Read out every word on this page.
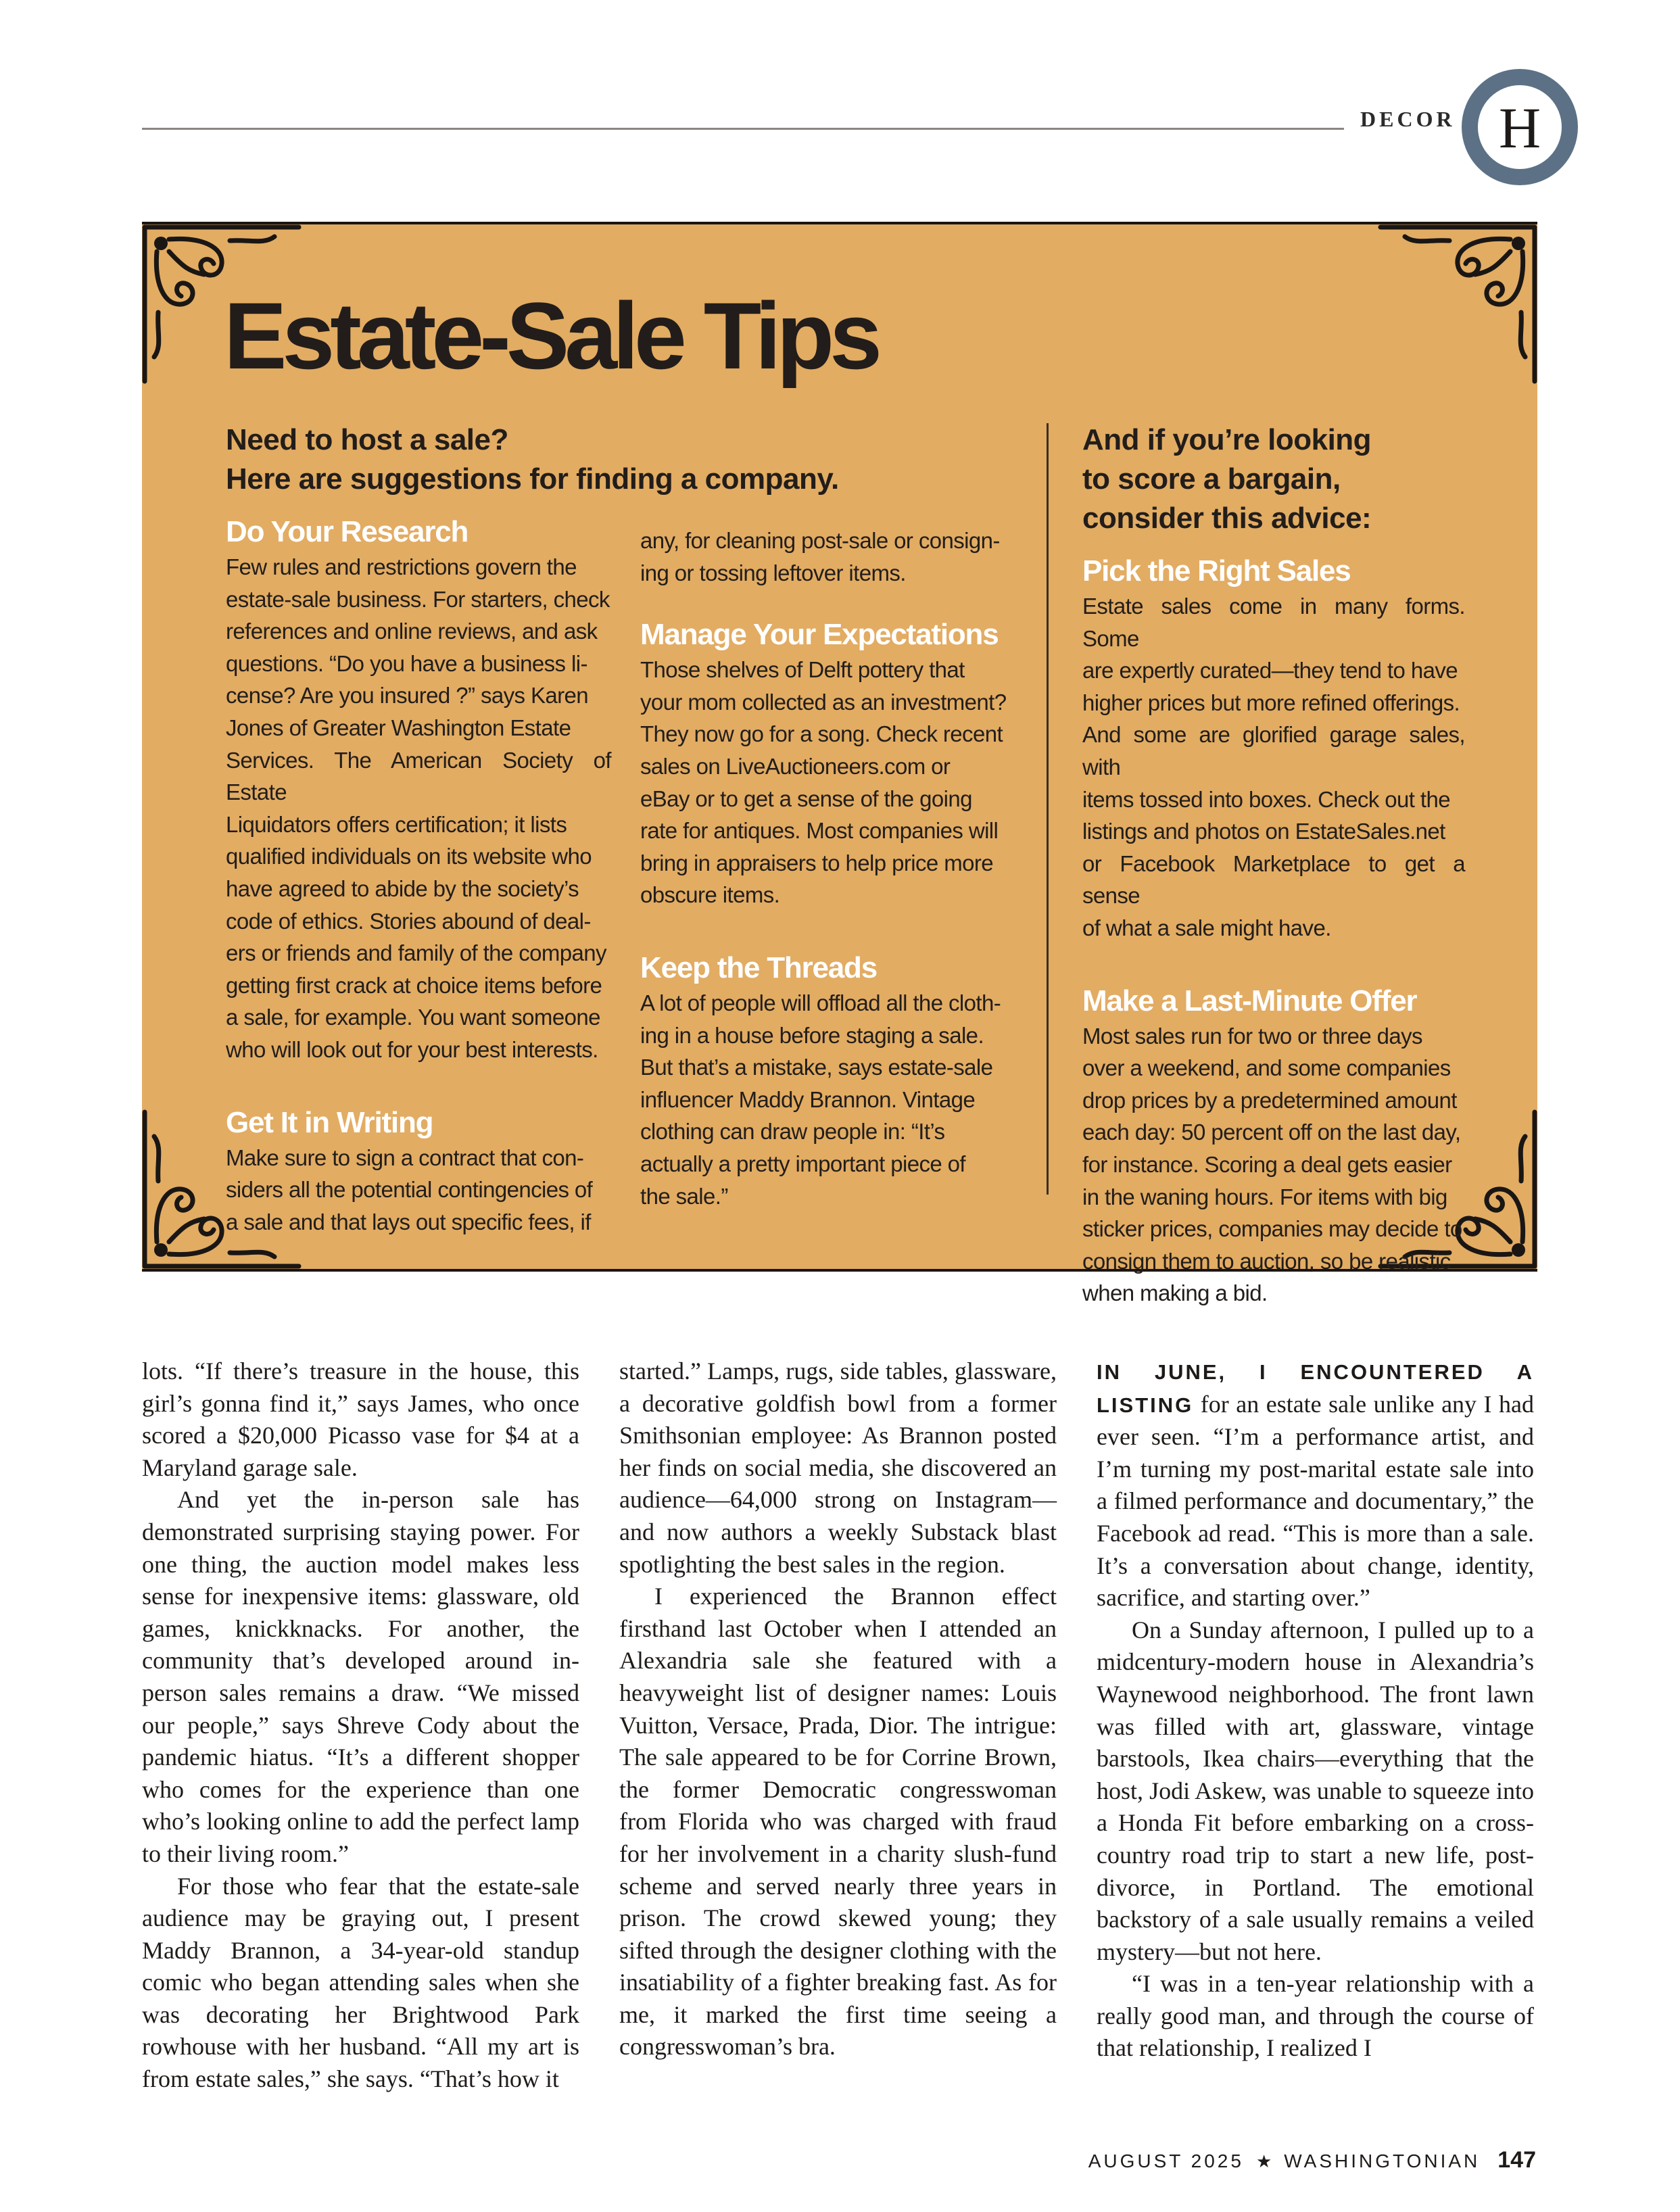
DECOR H
Estate-Sale Tips
Need to host a sale?
Here are suggestions for finding a company.
And if you’re looking
to score a bargain,
consider this advice:
Do Your Research
Few rules and restrictions govern the
estate-sale business. For starters, check
references and online reviews, and ask
questions. “Do you have a business li-
cense? Are you insured ?” says Karen
Jones of Greater Washington Estate
Services. The American Society of Estate
Liquidators offers certification; it lists
qualified individuals on its website who
have agreed to abide by the society’s
code of ethics. Stories abound of deal-
ers or friends and family of the company
getting first crack at choice items before
a sale, for example. You want someone
who will look out for your best interests.
Get It in Writing
Make sure to sign a contract that con-
siders all the potential contingencies of
a sale and that lays out specific fees, if
any, for cleaning post-sale or consign-
ing or tossing leftover items.
Manage Your Expectations
Those shelves of Delft pottery that
your mom collected as an investment?
They now go for a song. Check recent
sales on LiveAuctioneers.com or
eBay or to get a sense of the going
rate for antiques. Most companies will
bring in appraisers to help price more
obscure items.
Keep the Threads
A lot of people will offload all the cloth-
ing in a house before staging a sale.
But that’s a mistake, says estate-sale
influencer Maddy Brannon. Vintage
clothing can draw people in: “It’s
actually a pretty important piece of
the sale.”
Pick the Right Sales
Estate sales come in many forms. Some
are expertly curated—they tend to have
higher prices but more refined offerings.
And some are glorified garage sales, with
items tossed into boxes. Check out the
listings and photos on EstateSales.net
or Facebook Marketplace to get a sense
of what a sale might have.
Make a Last-Minute Offer
Most sales run for two or three days
over a weekend, and some companies
drop prices by a predetermined amount
each day: 50 percent off on the last day,
for instance. Scoring a deal gets easier
in the waning hours. For items with big
sticker prices, companies may decide to
consign them to auction, so be realistic
when making a bid.

lots. “If there’s treasure in the house, this girl’s gonna find it,” says James, who once scored a $20,000 Picasso vase for $4 at a Maryland garage sale.

And yet the in-person sale has demonstrated surprising staying power. For one thing, the auction model makes less sense for inexpensive items: glassware, old games, knickknacks. For another, the community that’s developed around in-person sales remains a draw. “We missed our people,” says Shreve Cody about the pandemic hiatus. “It’s a different shopper who comes for the experience than one who’s looking online to add the perfect lamp to their living room.”

For those who fear that the estate-sale audience may be graying out, I present Maddy Brannon, a 34-year-old standup comic who began attending sales when she was decorating her Brightwood Park rowhouse with her husband. “All my art is from estate sales,” she says. “That’s how it

started.” Lamps, rugs, side tables, glassware, a decorative goldfish bowl from a former Smithsonian employee: As Brannon posted her finds on social media, she discovered an audience—64,000 strong on Instagram—and now authors a weekly Substack blast spotlighting the best sales in the region.

I experienced the Brannon effect firsthand last October when I attended an Alexandria sale she featured with a heavyweight list of designer names: Louis Vuitton, Versace, Prada, Dior. The intrigue: The sale appeared to be for Corrine Brown, the former Democratic congresswoman from Florida who was charged with fraud for her involvement in a charity slush-fund scheme and served nearly three years in prison. The crowd skewed young; they sifted through the designer clothing with the insatiability of a fighter breaking fast. As for me, it marked the first time seeing a congresswoman’s bra.

IN JUNE, I ENCOUNTERED A LISTING for an estate sale unlike any I had ever seen. “I’m a performance artist, and I’m turning my post-marital estate sale into a filmed performance and documentary,” the Facebook ad read. “This is more than a sale. It’s a conversation about change, identity, sacrifice, and starting over.”

On a Sunday afternoon, I pulled up to a midcentury-modern house in Alexandria’s Waynewood neighborhood. The front lawn was filled with art, glassware, vintage barstools, Ikea chairs—everything that the host, Jodi Askew, was unable to squeeze into a Honda Fit before embarking on a cross-country road trip to start a new life, post-divorce, in Portland. The emotional backstory of a sale usually remains a veiled mystery—but not here.

“I was in a ten-year relationship with a really good man, and through the course of that relationship, I realized I

AUGUST 2025 ★ WASHINGTONIAN 147
